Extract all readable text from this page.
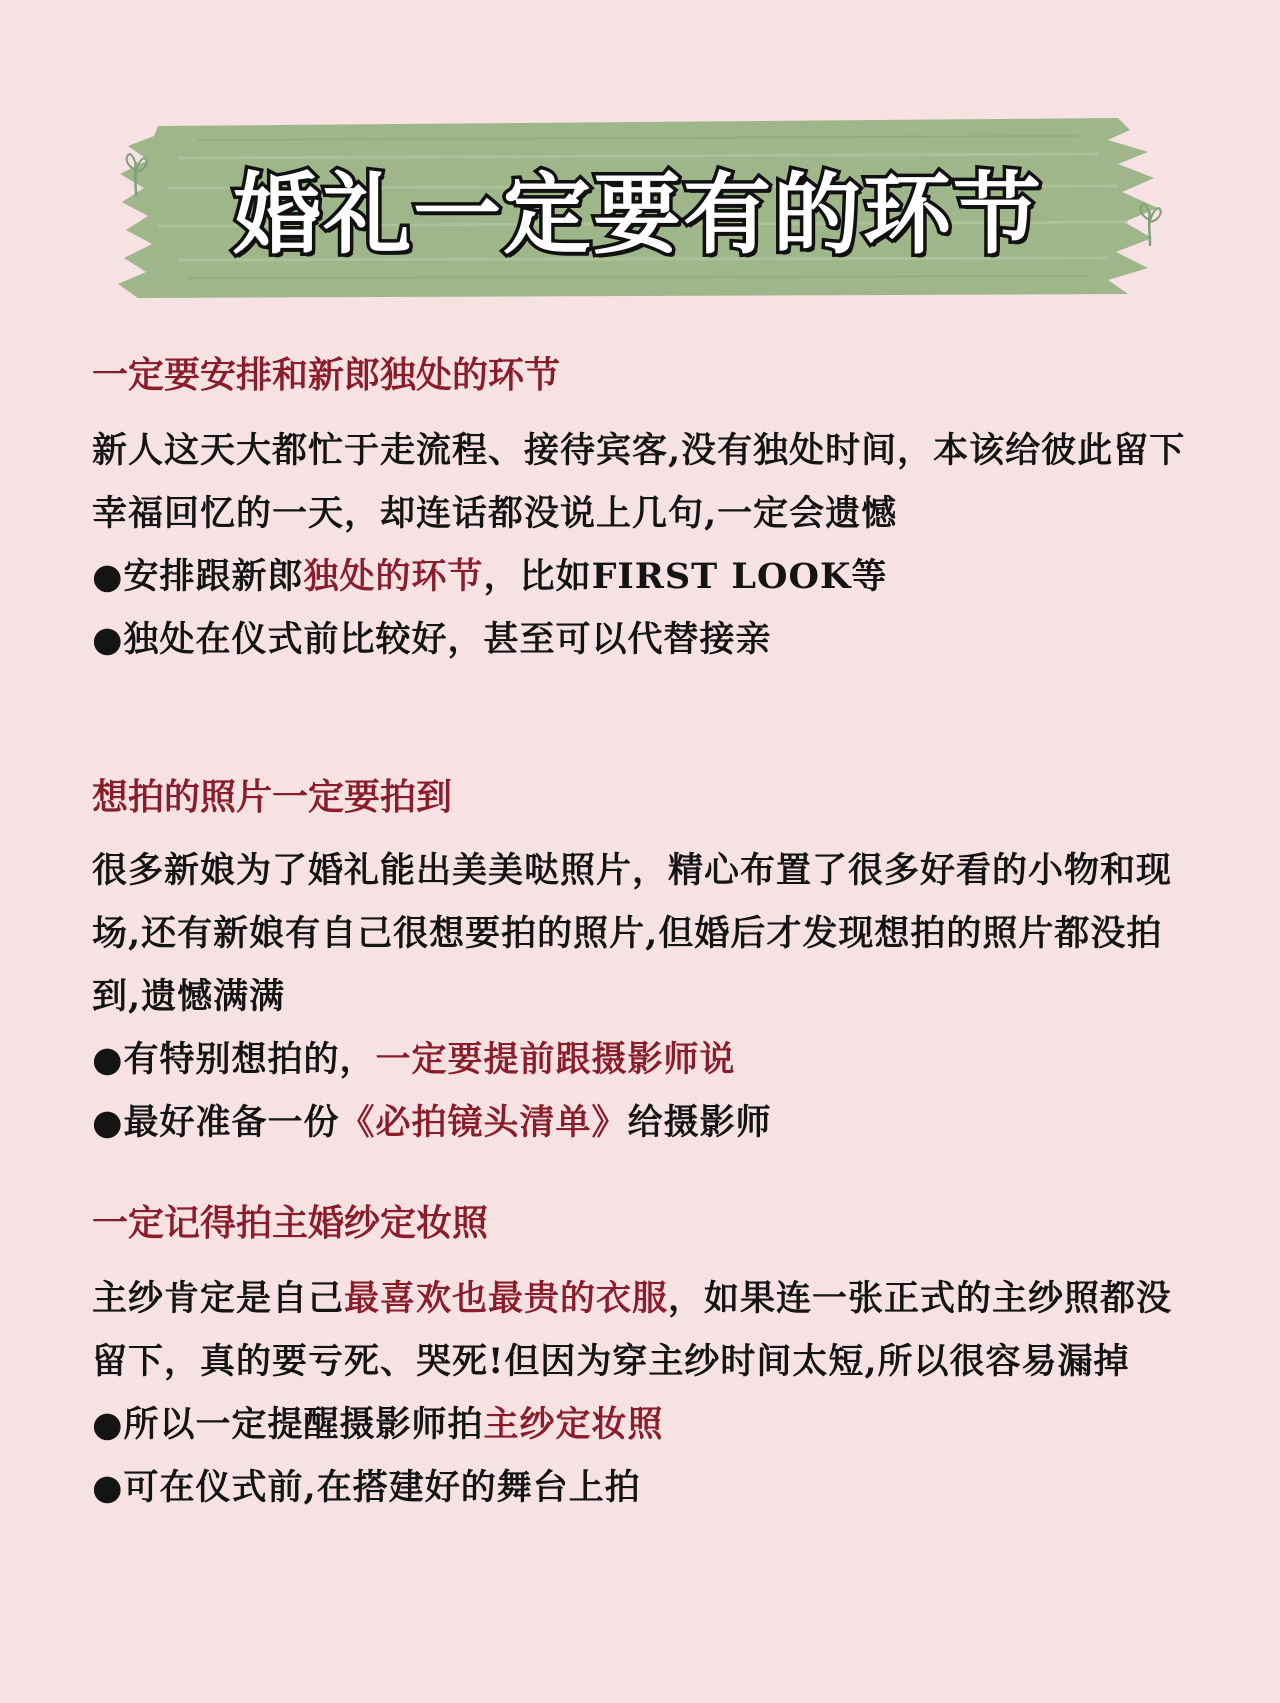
婚礼一定要有的环节

一定要安排和新郎独处的环节

新人这天大都忙于走流程、接待宾客,没有独处时间，本该给彼此留下幸福回忆的一天，却连话都没说上几句,一定会遗憾

●安排跟新郎独处的环节，比如FIRST LOOK等

●独处在仪式前比较好，甚至可以代替接亲

想拍的照片一定要拍到

很多新娘为了婚礼能出美美哒照片，精心布置了很多好看的小物和现场,还有新娘有自己很想要拍的照片,但婚后才发现想拍的照片都没拍到,遗憾满满

●有特别想拍的，一定要提前跟摄影师说

●最好准备一份《必拍镜头清单》给摄影师

一定记得拍主婚纱定妆照

主纱肯定是自己最喜欢也最贵的衣服，如果连一张正式的主纱照都没留下，真的要亏死、哭死!但因为穿主纱时间太短,所以很容易漏掉

●所以一定提醒摄影师拍主纱定妆照

●可在仪式前,在搭建好的舞台上拍
